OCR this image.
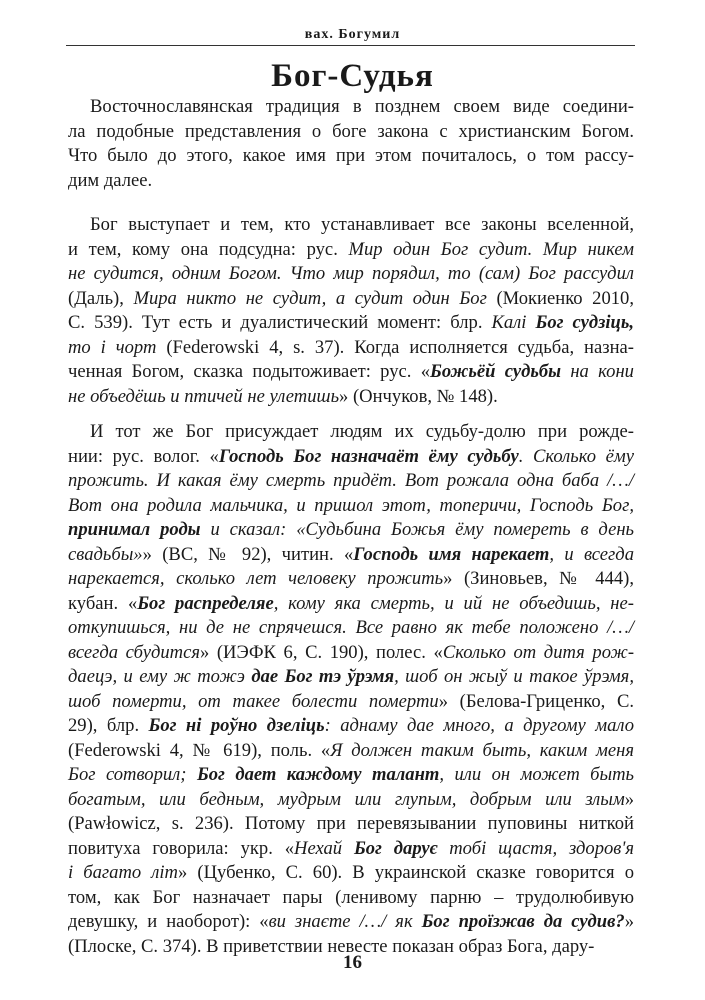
вах. Богумил
Бог-Судья
Восточнославянская традиция в позднем своем виде соедини-
ла подобные представления о боге закона с христианским Богом.
Что было до этого, какое имя при этом почиталось, о том рассу-
дим далее.
Бог выступает и тем, кто устанавливает все законы вселенной,
и тем, кому она подсудна: рус. Мир один Бог судит. Мир никем
не судится, одним Богом. Что мир порядил, то (сам) Бог рассудил
(Даль), Мира никто не судит, а судит один Бог (Мокиенко 2010,
С. 539). Тут есть и дуалистический момент: блр. Калі Бог судзіць,
то і чорт (Federowski 4, s. 37). Когда исполняется судьба, назна-
ченная Богом, сказка подытоживает: рус. «Божьёй судьбы на кони
не объедёшь и птичей не улетишь» (Ончуков, № 148).
И тот же Бог присуждает людям их судьбу-долю при рожде-
нии: рус. волог. «Господь Бог назначаёт ёму судьбу. Сколько ёму
прожить. И какая ёму смерть придёт. Вот рожала одна баба /…/
Вот она родила мальчика, и пришол этот, топеричи, Господь Бог,
принимал роды и сказал: «Судьбина Божья ёму помереть в день
свадьбы»» (ВС, № 92), читин. «Господь имя нарекает, и всегда
нарекается, сколько лет человеку прожить» (Зиновьев, № 444),
кубан. «Бог распределяе, кому яка смерть, и ий не объедишь, не-
откупишься, ни де не спрячешся. Все равно як тебе положено /…/
всегда сбудится» (ИЭФК 6, С. 190), полес. «Сколько от дитя рож-
даецэ, и ему ж тожэ дае Бог тэ ўрэмя, шоб он жыў и такое ўрэмя,
шоб померти, от такее болести померти» (Белова-Гриценко, С.
29), блр. Бог ні роўно дзеліць: аднаму дае много, а другому мало
(Federowski 4, № 619), поль. «Я должен таким быть, каким меня
Бог сотворил; Бог дает каждому талант, или он может быть
богатым, или бедным, мудрым или глупым, добрым или злым»
(Pawłowicz, s. 236). Потому при перевязывании пуповины ниткой
повитуха говорила: укр. «Нехай Бог дарує тобі щастя, здоров'я
і багато літ» (Цубенко, С. 60). В украинской сказке говорится о
том, как Бог назначает пары (ленивому парню – трудолюбивую
девушку, и наоборот): «ви знаєте /…/ як Бог проїзжав да судив?»
(Плоске, С. 374). В приветствии невесте показан образ Бога, дару-
16
